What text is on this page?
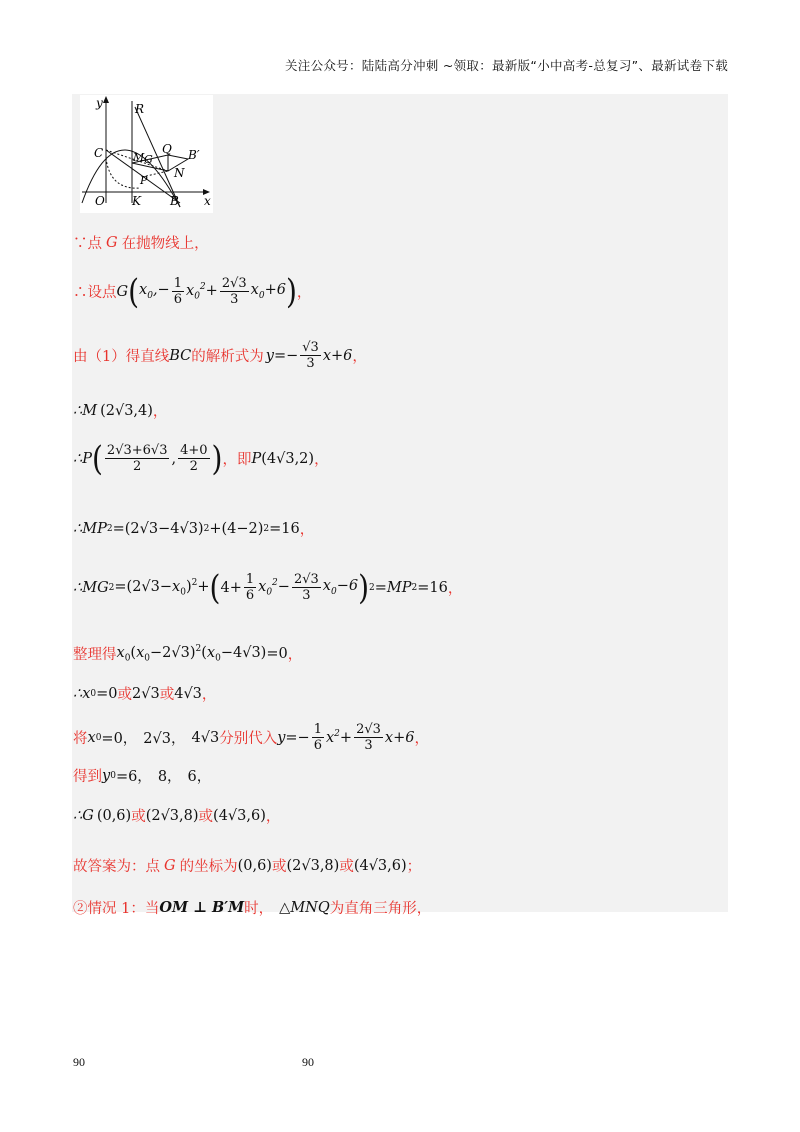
关注公众号：陆陆高分冲刺 ~领取：最新版“小中高考-总复习”、最新试卷下载
y	R
C	M G
Q B′
N
P
O K B x
∵点 G 在抛物线上，
∴设点 G ( $x_0,- \frac{1}{6} x_0^2+ \frac{2√3}{3} x_0+6$ ) ，
由（1）得直线 BC 的解析式为 $y=- \frac{√3}{3} x+6$ ，
∴M (2√3,4) ，
∴P ( $\frac{2√3+6√3}{2}$ , $\frac{4+0}{2}$ ) ，即 P (4√3,2) ，
∴MP 2 =(2√3−4√3) 2 +(4−2) 2 =16 ，
∴MG $2 =(2√3-x_0)^2+$ ( $4+ \frac{1}{6} x_0^2- \frac{2√3}{3} x_0-6$ ) 2 =MP 2 =16 ，
整理得 $x_0(x_0-2√3)^2(x_0-4√3) =0$ ，
∴x 0 =0 或 2√3 或 4√3 ，
将 x 0 =0， 2√3， 4√3 分别代入 $y=- \frac{1}{6} x^2+ \frac{2√3}{3} x+6$ ，
得到 y 0 =6， 8， 6，
∴G (0,6) 或 (2√3,8) 或 (4√3,6) ，
故答案为：点 G 的坐标为 (0,6) 或 (2√3,8) 或 (4√3,6) ；
②情况 1：当 OM ⊥ B′M 时， △MNQ 为直角三角形，
90	90
